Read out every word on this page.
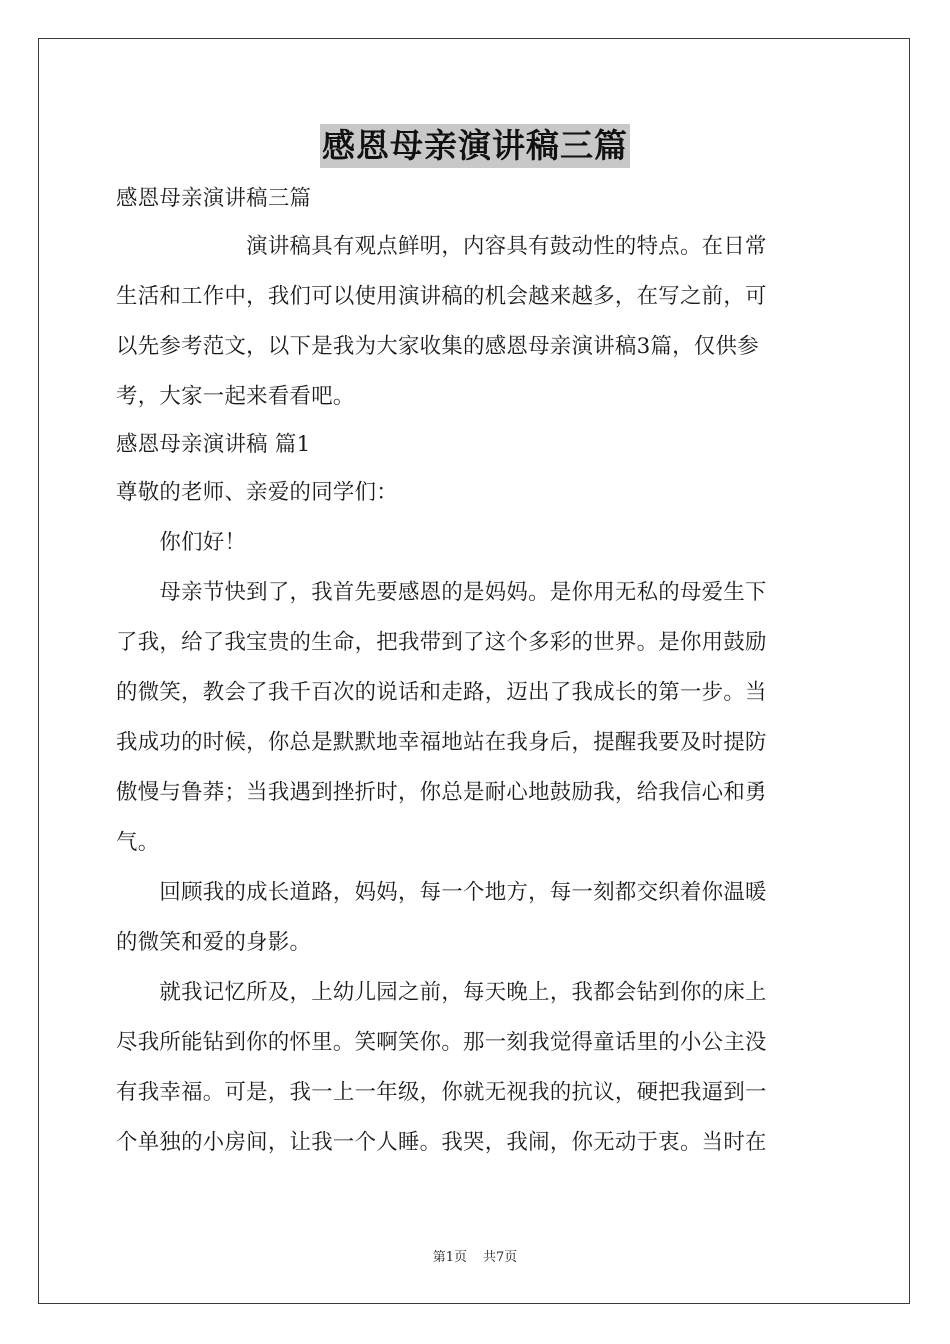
感恩母亲演讲稿三篇
感恩母亲演讲稿三篇
　　　　　　演讲稿具有观点鲜明，内容具有鼓动性的特点。在日常
生活和工作中，我们可以使用演讲稿的机会越来越多，在写之前，可
以先参考范文，以下是我为大家收集的感恩母亲演讲稿3篇，仅供参
考，大家一起来看看吧。
感恩母亲演讲稿 篇1
尊敬的老师、亲爱的同学们：
　　你们好！
　　母亲节快到了，我首先要感恩的是妈妈。是你用无私的母爱生下
了我，给了我宝贵的生命，把我带到了这个多彩的世界。是你用鼓励
的微笑，教会了我千百次的说话和走路，迈出了我成长的第一步。当
我成功的时候，你总是默默地幸福地站在我身后，提醒我要及时提防
傲慢与鲁莽；当我遇到挫折时，你总是耐心地鼓励我，给我信心和勇
气。
　　回顾我的成长道路，妈妈，每一个地方，每一刻都交织着你温暖
的微笑和爱的身影。
　　就我记忆所及，上幼儿园之前，每天晚上，我都会钻到你的床上
尽我所能钻到你的怀里。笑啊笑你。那一刻我觉得童话里的小公主没
有我幸福。可是，我一上一年级，你就无视我的抗议，硬把我逼到一
个单独的小房间，让我一个人睡。我哭，我闹，你无动于衷。当时在
第1页 共7页
